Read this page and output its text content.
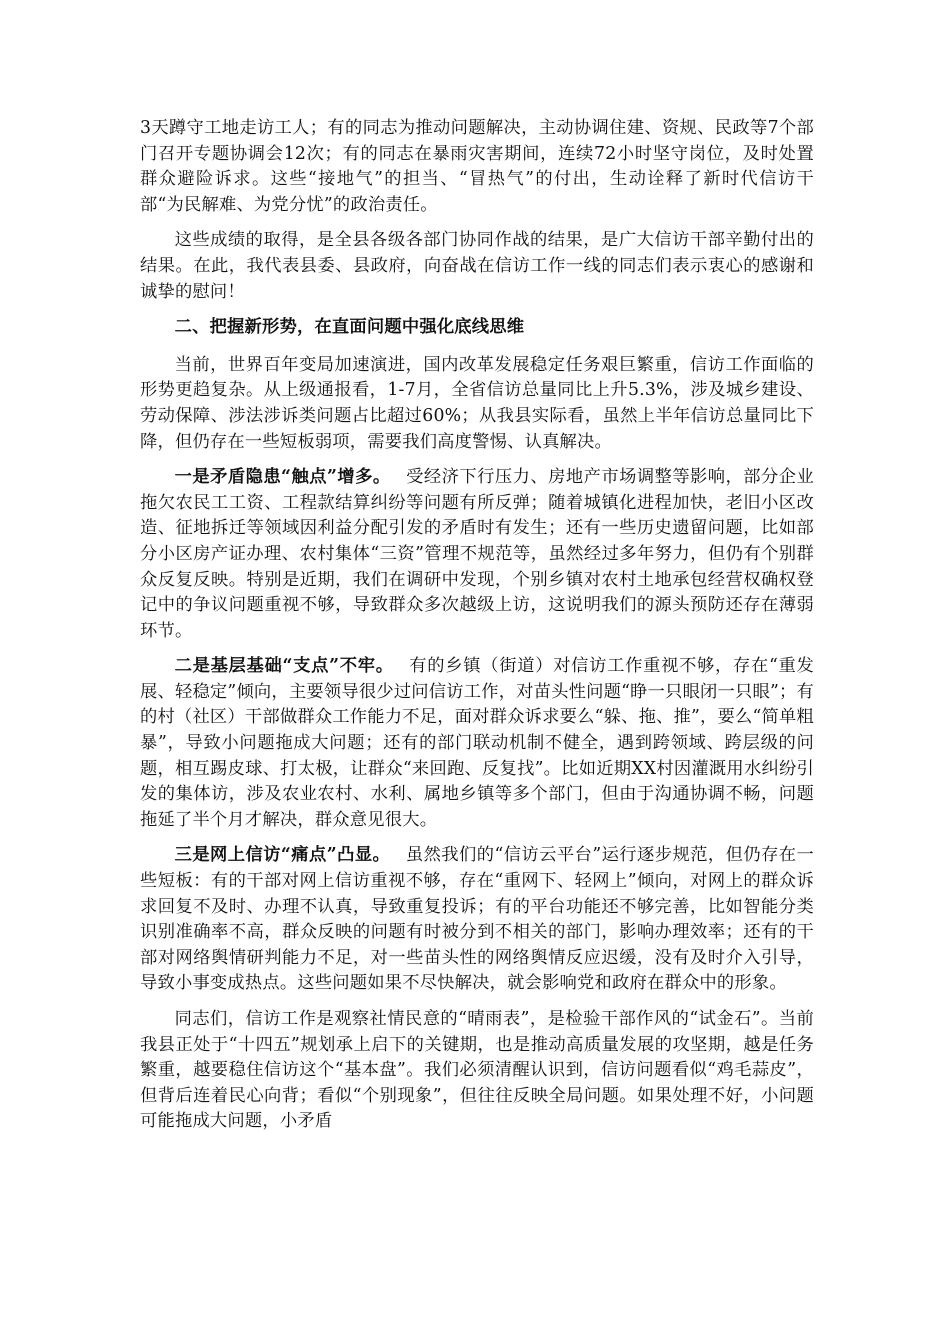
3天蹲守工地走访工人；有的同志为推动问题解决，主动协调住建、资规、民政等7个部门召开专题协调会12次；有的同志在暴雨灾害期间，连续72小时坚守岗位，及时处置群众避险诉求。这些“接地气”的担当、“冒热气”的付出，生动诠释了新时代信访干部“为民解难、为党分忧”的政治责任。

这些成绩的取得，是全县各级各部门协同作战的结果，是广大信访干部辛勤付出的结果。在此，我代表县委、县政府，向奋战在信访工作一线的同志们表示衷心的感谢和诚挚的慰问！

二、把握新形势，在直面问题中强化底线思维

当前，世界百年变局加速演进，国内改革发展稳定任务艰巨繁重，信访工作面临的形势更趋复杂。从上级通报看，1-7月，全省信访总量同比上升5.3%，涉及城乡建设、劳动保障、涉法涉诉类问题占比超过60%；从我县实际看，虽然上半年信访总量同比下降，但仍存在一些短板弱项，需要我们高度警惕、认真解决。

一是矛盾隐患“触点”增多。 受经济下行压力、房地产市场调整等影响，部分企业拖欠农民工工资、工程款结算纠纷等问题有所反弹；随着城镇化进程加快，老旧小区改造、征地拆迁等领域因利益分配引发的矛盾时有发生；还有一些历史遗留问题，比如部分小区房产证办理、农村集体“三资”管理不规范等，虽然经过多年努力，但仍有个别群众反复反映。特别是近期，我们在调研中发现，个别乡镇对农村土地承包经营权确权登记中的争议问题重视不够，导致群众多次越级上访，这说明我们的源头预防还存在薄弱环节。

二是基层基础“支点”不牢。 有的乡镇（街道）对信访工作重视不够，存在“重发展、轻稳定”倾向，主要领导很少过问信访工作，对苗头性问题“睁一只眼闭一只眼”；有的村（社区）干部做群众工作能力不足，面对群众诉求要么“躲、拖、推”，要么“简单粗暴”，导致小问题拖成大问题；还有的部门联动机制不健全，遇到跨领域、跨层级的问题，相互踢皮球、打太极，让群众“来回跑、反复找”。比如近期XX村因灌溉用水纠纷引发的集体访，涉及农业农村、水利、属地乡镇等多个部门，但由于沟通协调不畅，问题拖延了半个月才解决，群众意见很大。

三是网上信访“痛点”凸显。 虽然我们的“信访云平台”运行逐步规范，但仍存在一些短板：有的干部对网上信访重视不够，存在“重网下、轻网上”倾向，对网上的群众诉求回复不及时、办理不认真，导致重复投诉；有的平台功能还不够完善，比如智能分类识别准确率不高，群众反映的问题有时被分到不相关的部门，影响办理效率；还有的干部对网络舆情研判能力不足，对一些苗头性的网络舆情反应迟缓，没有及时介入引导，导致小事变成热点。这些问题如果不尽快解决，就会影响党和政府在群众中的形象。

同志们，信访工作是观察社情民意的“晴雨表”，是检验干部作风的“试金石”。当前我县正处于“十四五”规划承上启下的关键期，也是推动高质量发展的攻坚期，越是任务繁重，越要稳住信访这个“基本盘”。我们必须清醒认识到，信访问题看似“鸡毛蒜皮”，但背后连着民心向背；看似“个别现象”，但往往反映全局问题。如果处理不好，小问题可能拖成大问题，小矛盾
